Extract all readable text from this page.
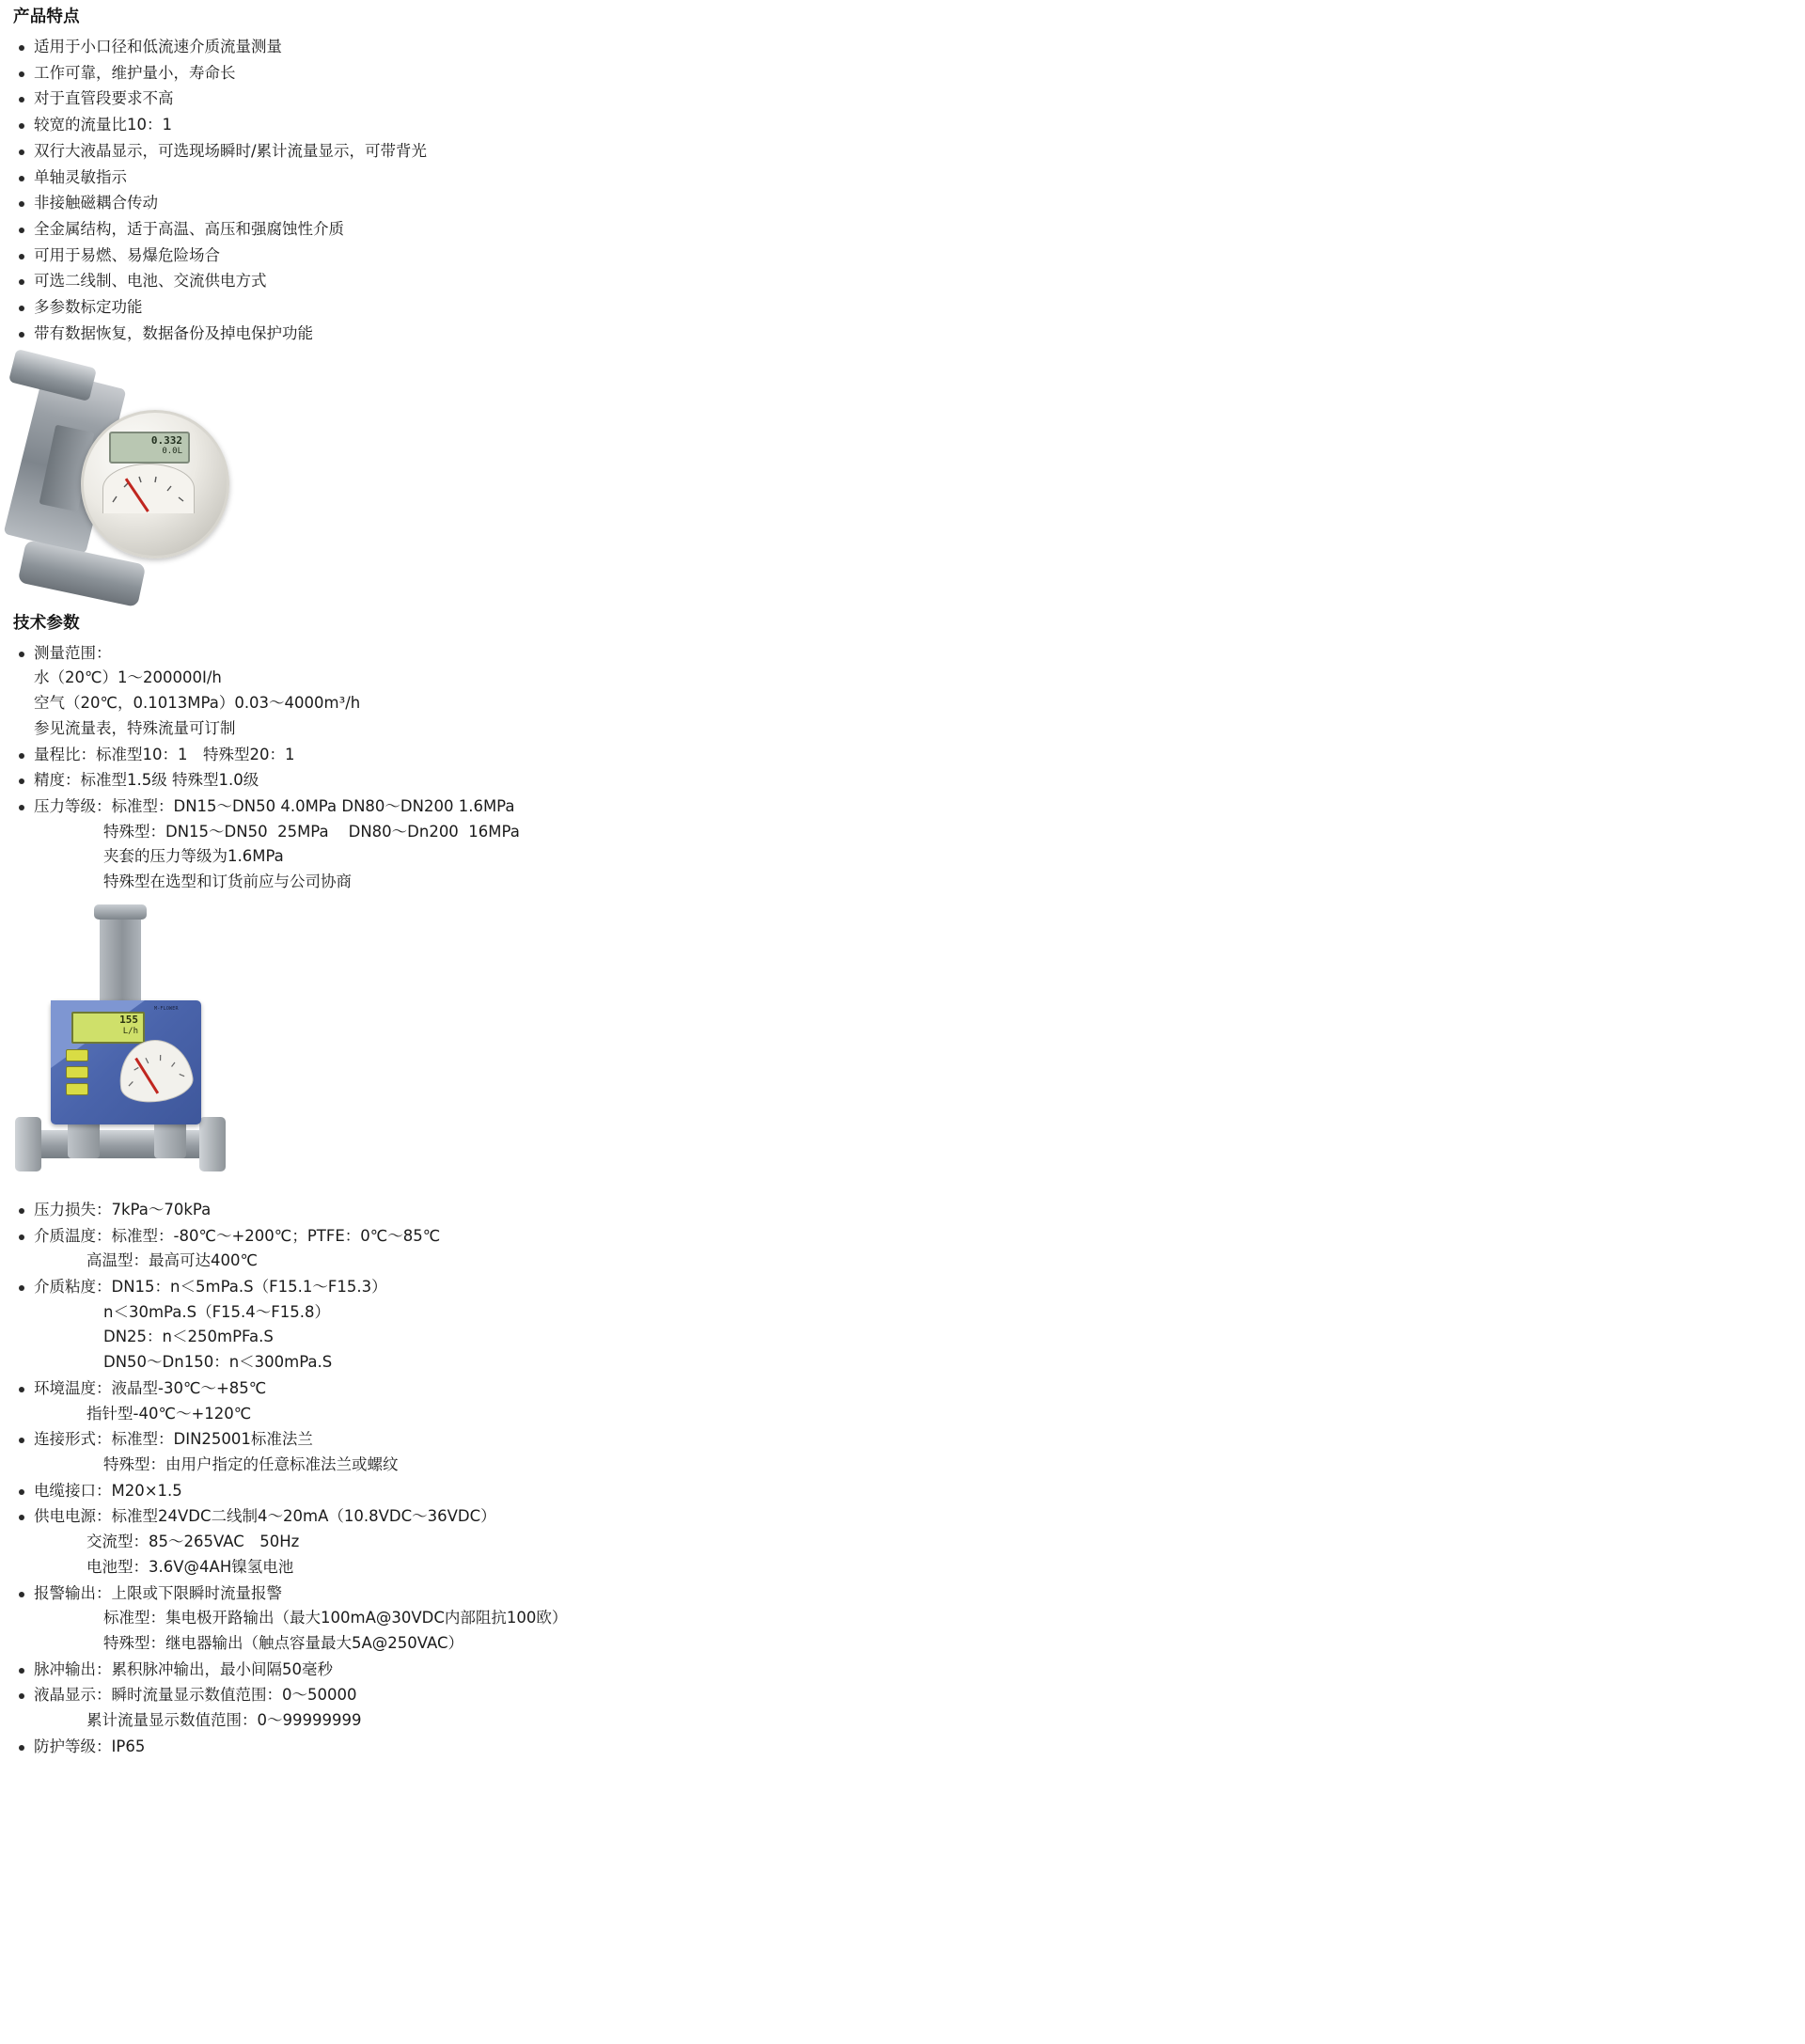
产品特点
适用于小口径和低流速介质流量测量
工作可靠，维护量小，寿命长
对于直管段要求不高
较宽的流量比10：1
双行大液晶显示，可选现场瞬时/累计流量显示，可带背光
单轴灵敏指示
非接触磁耦合传动
全金属结构，适于高温、高压和强腐蚀性介质
可用于易燃、易爆危险场合
可选二线制、电池、交流供电方式
多参数标定功能
带有数据恢复，数据备份及掉电保护功能
0.332
0.0L
技术参数
测量范围：
水（20℃）1～200000I/h
空气（20℃，0.1013MPa）0.03～4000m³/h
参见流量表，特殊流量可订制
量程比：标准型10：1　特殊型20：1
精度：标准型1.5级 特殊型1.0级
压力等级：标准型：DN15～DN50 4.0MPa DN80～DN200 1.6MPa
特殊型：DN15～DN50  25MPa    DN80～Dn200  16MPa
夹套的压力等级为1.6MPa
特殊型在选型和订货前应与公司协商
155
L/h
M-FLOWER
压力损失：7kPa～70kPa
介质温度：标准型：-80℃～+200℃；PTFE：0℃～85℃
高温型：最高可达400℃
介质粘度：DN15：n＜5mPa.S（F15.1～F15.3）
n＜30mPa.S（F15.4～F15.8）
DN25：n＜250mPFa.S
DN50～Dn150：n＜300mPa.S
环境温度：液晶型-30℃～+85℃
指针型-40℃～+120℃
连接形式：标准型：DIN25001标准法兰
特殊型：由用户指定的任意标准法兰或螺纹
电缆接口：M20×1.5
供电电源：标准型24VDC二线制4～20mA（10.8VDC～36VDC）
交流型：85～265VAC　50Hz
电池型：3.6V@4AH镍氢电池
报警输出：上限或下限瞬时流量报警
标准型：集电极开路输出（最大100mA@30VDC内部阻抗100欧）
特殊型：继电器输出（触点容量最大5A@250VAC）
脉冲输出：累积脉冲输出，最小间隔50毫秒
液晶显示：瞬时流量显示数值范围：0～50000
累计流量显示数值范围：0～99999999
防护等级：IP65
